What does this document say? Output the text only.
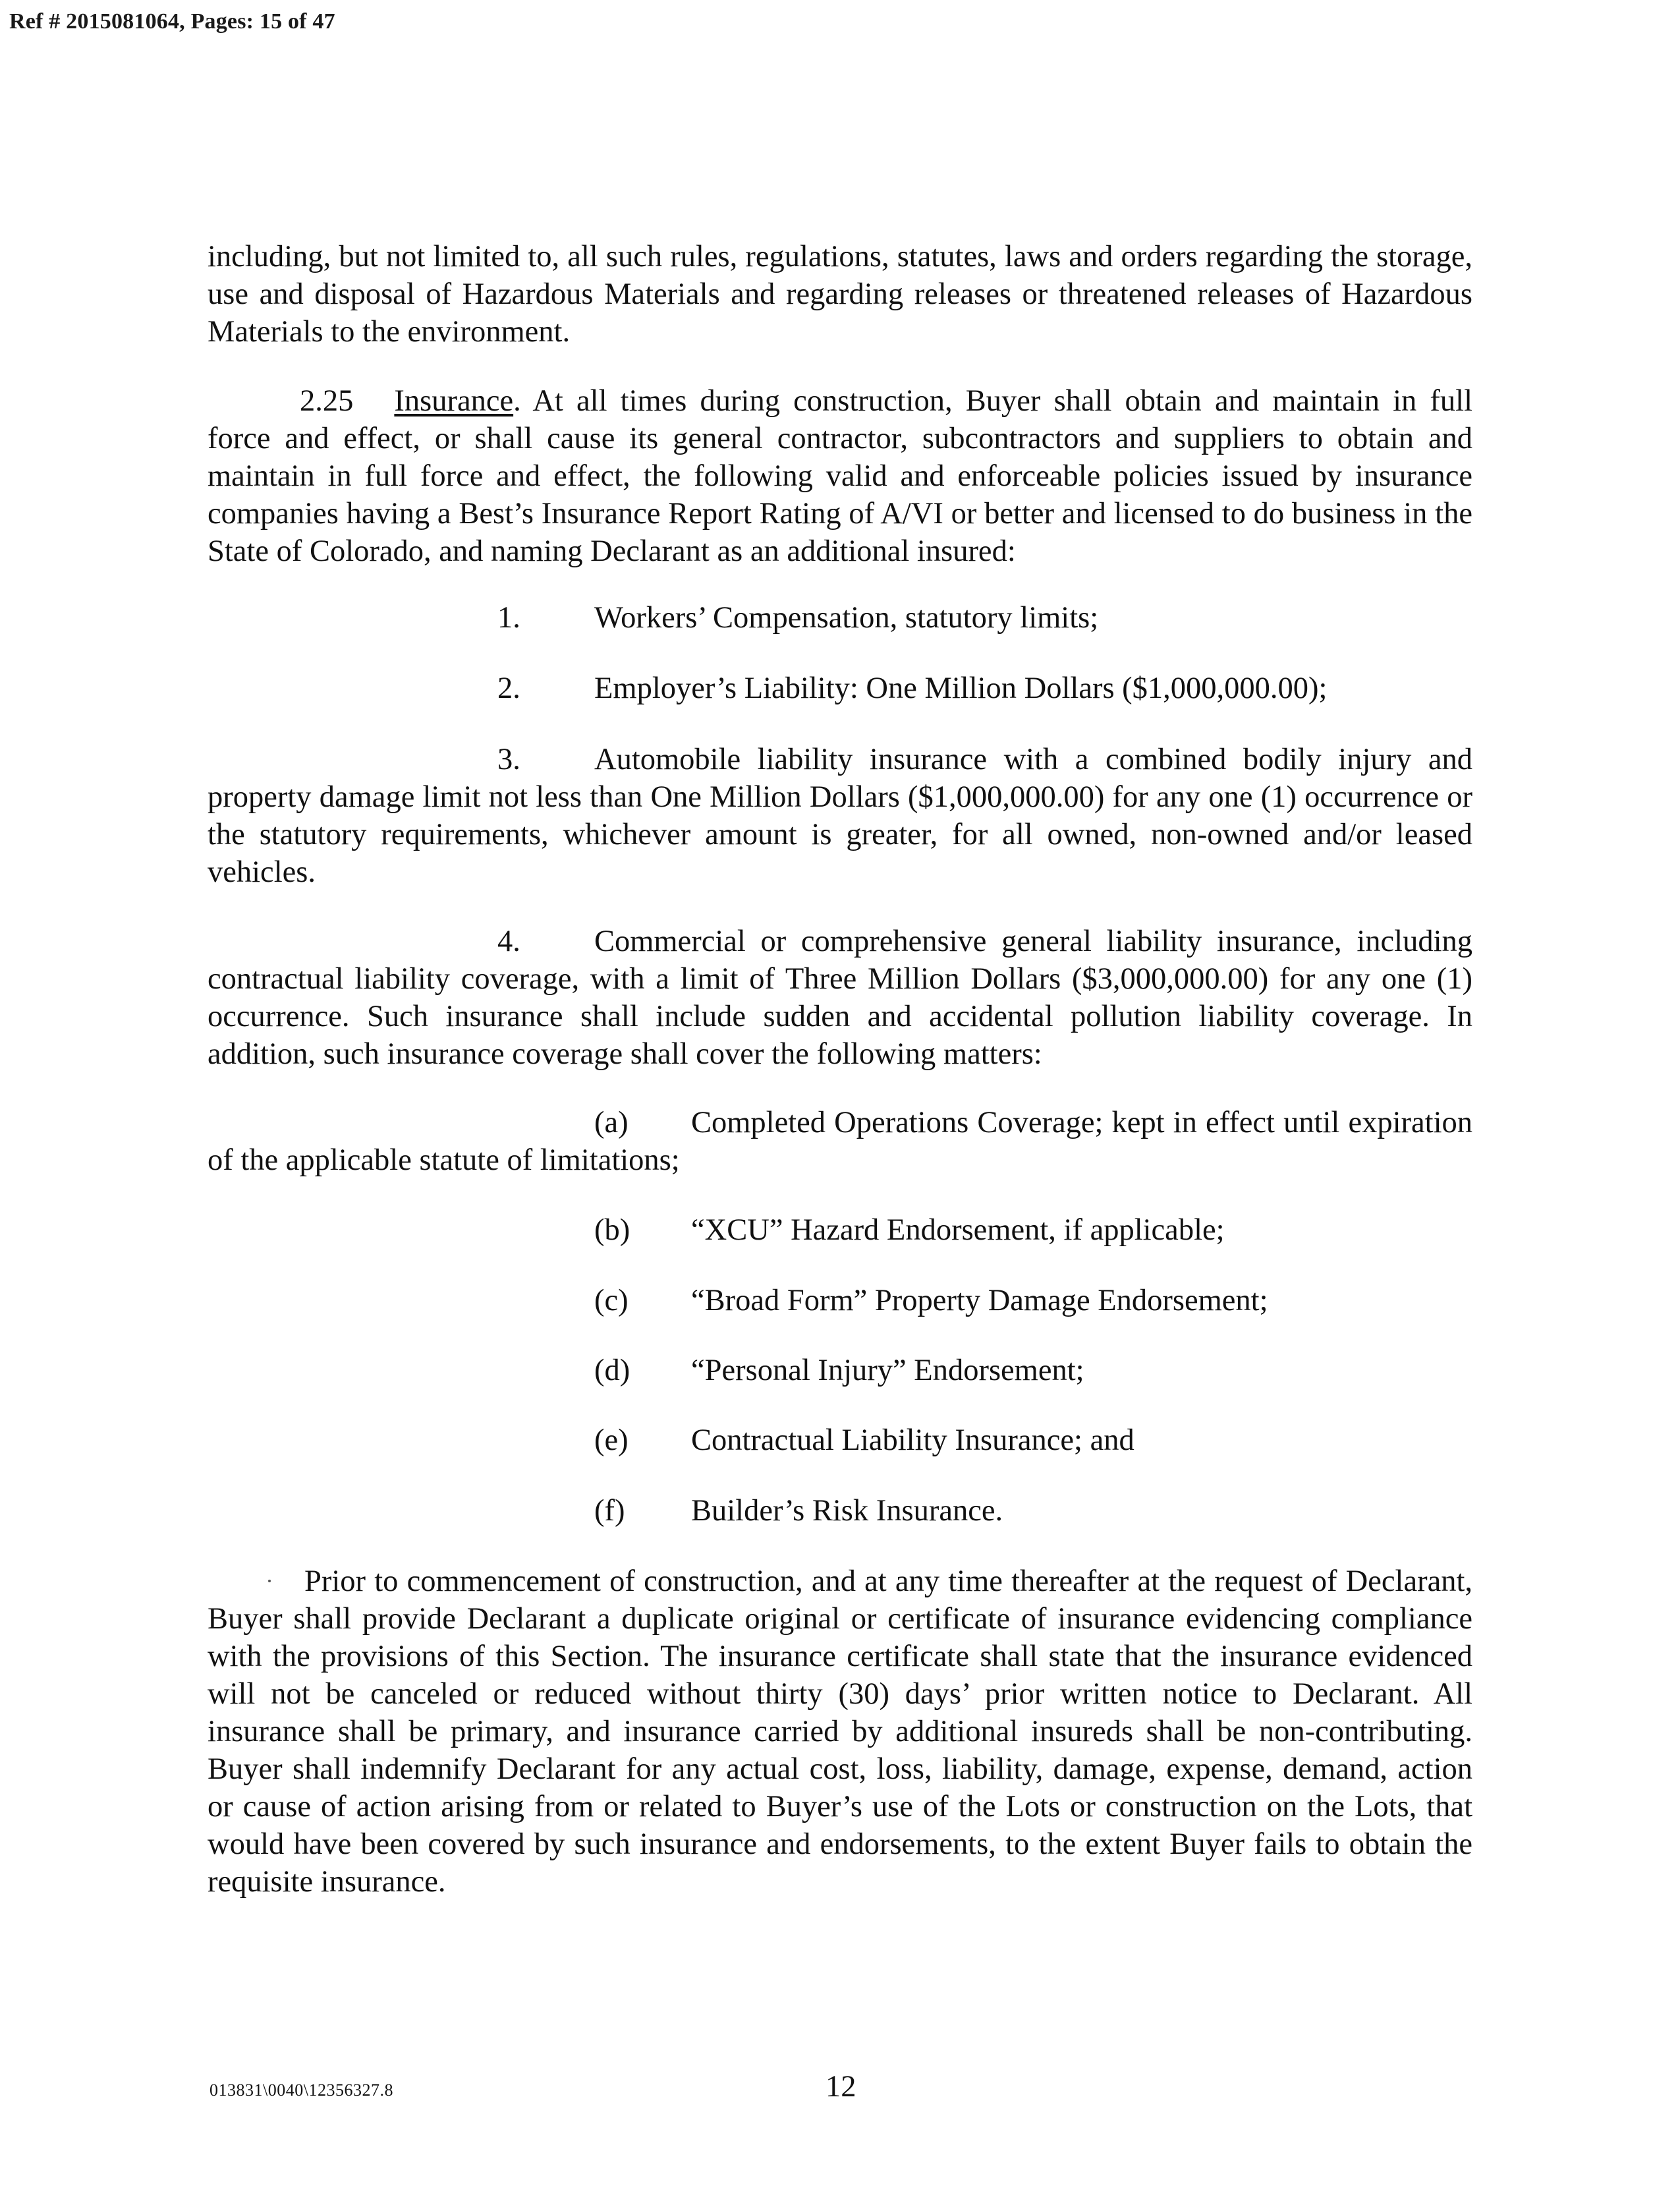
Ref # 2015081064, Pages: 15 of 47
including, but not limited to, all such rules, regulations, statutes, laws and orders regarding the storage, use and disposal of Hazardous Materials and regarding releases or threatened releases of Hazardous Materials to the environment.
2.25 Insurance. At all times during construction, Buyer shall obtain and maintain in full force and effect, or shall cause its general contractor, subcontractors and suppliers to obtain and maintain in full force and effect, the following valid and enforceable policies issued by insurance companies having a Best’s Insurance Report Rating of A/VI or better and licensed to do business in the State of Colorado, and naming Declarant as an additional insured:
1. Workers’ Compensation, statutory limits;
2. Employer’s Liability: One Million Dollars ($1,000,000.00);
3. Automobile liability insurance with a combined bodily injury and property damage limit not less than One Million Dollars ($1,000,000.00) for any one (1) occurrence or the statutory requirements, whichever amount is greater, for all owned, non-owned and/or leased vehicles.
4. Commercial or comprehensive general liability insurance, including contractual liability coverage, with a limit of Three Million Dollars ($3,000,000.00) for any one (1) occurrence. Such insurance shall include sudden and accidental pollution liability coverage. In addition, such insurance coverage shall cover the following matters:
(a) Completed Operations Coverage; kept in effect until expiration of the applicable statute of limitations;
(b) “XCU” Hazard Endorsement, if applicable;
(c) “Broad Form” Property Damage Endorsement;
(d) “Personal Injury” Endorsement;
(e) Contractual Liability Insurance; and
(f) Builder’s Risk Insurance.
Prior to commencement of construction, and at any time thereafter at the request of Declarant, Buyer shall provide Declarant a duplicate original or certificate of insurance evidencing compliance with the provisions of this Section. The insurance certificate shall state that the insurance evidenced will not be canceled or reduced without thirty (30) days’ prior written notice to Declarant. All insurance shall be primary, and insurance carried by additional insureds shall be non-contributing. Buyer shall indemnify Declarant for any actual cost, loss, liability, damage, expense, demand, action or cause of action arising from or related to Buyer’s use of the Lots or construction on the Lots, that would have been covered by such insurance and endorsements, to the extent Buyer fails to obtain the requisite insurance.
013831\0040\12356327.8	12
